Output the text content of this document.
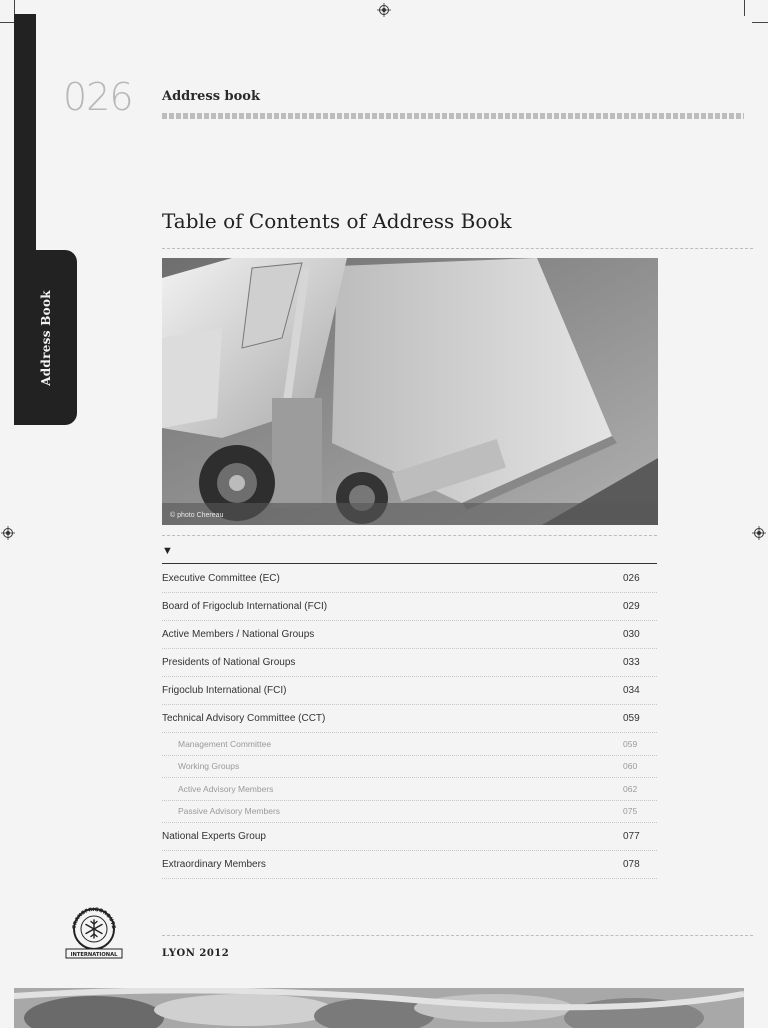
Address Book
026 Address book
Table of Contents of Address Book
© photo Chereau
▼
Executive Committee (EC)	026
Board of Frigoclub International (FCI)	029
Active Members / National Groups	030
Presidents of National Groups	033
Frigoclub International (FCI)	034
Technical Advisory Committee (CCT)	059
Management Committee	059
Working Groups	060
Active Advisory Members	062
Passive Advisory Members	075
National Experts Group	077
Extraordinary Members	078
TRANSFRIGOROUTE
INTERNATIONAL	LYON 2012
